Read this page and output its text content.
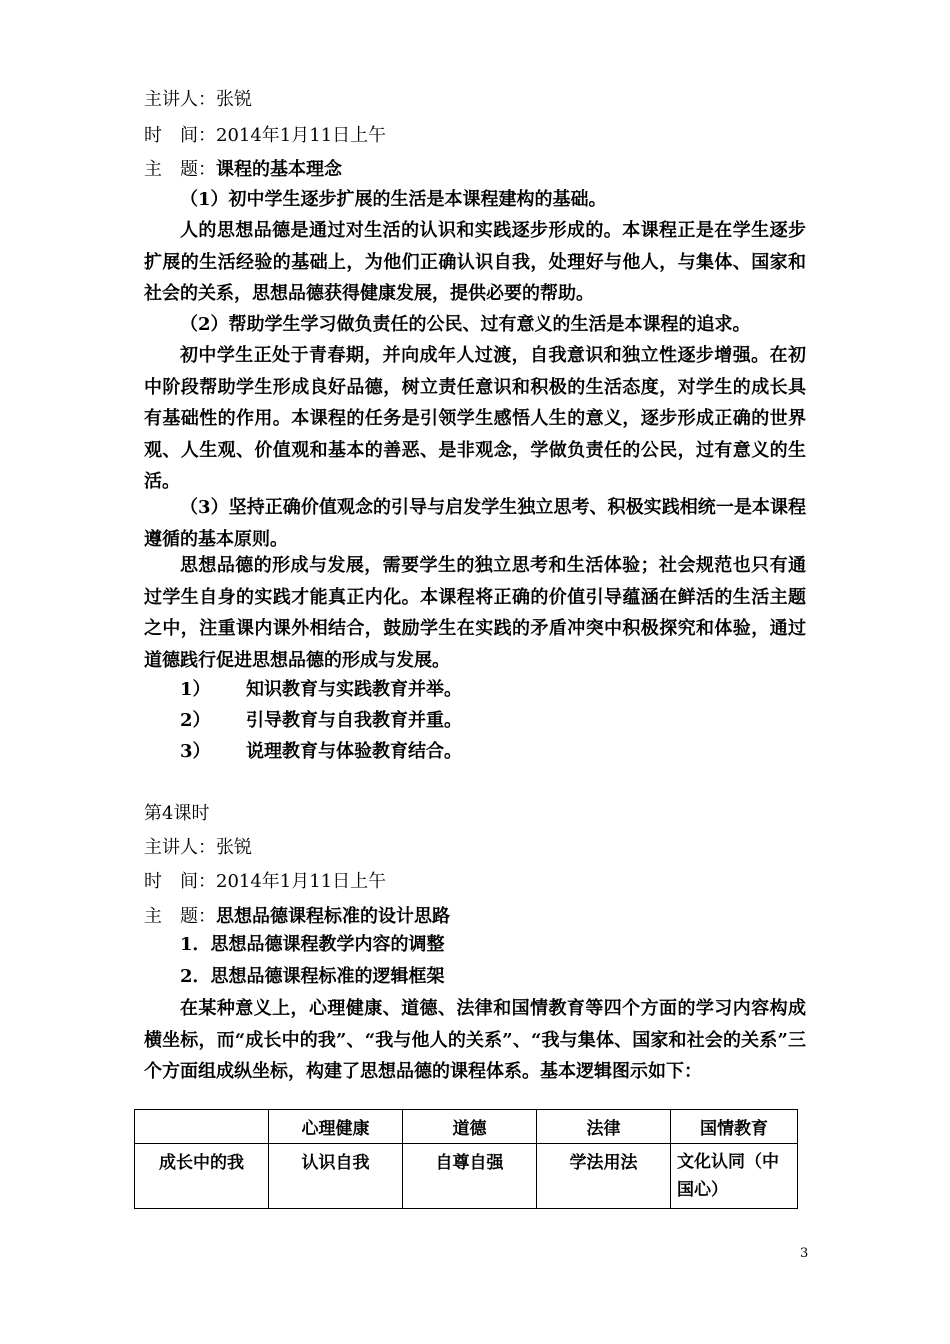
主讲人：张锐
时　间：2014年1月11日上午
主　题：课程的基本理念
（1）初中学生逐步扩展的生活是本课程建构的基础。
人的思想品德是通过对生活的认识和实践逐步形成的。本课程正是在学生逐步扩展的生活经验的基础上，为他们正确认识自我，处理好与他人，与集体、国家和社会的关系，思想品德获得健康发展，提供必要的帮助。
（2）帮助学生学习做负责任的公民、过有意义的生活是本课程的追求。
初中学生正处于青春期，并向成年人过渡，自我意识和独立性逐步增强。在初中阶段帮助学生形成良好品德，树立责任意识和积极的生活态度，对学生的成长具有基础性的作用。本课程的任务是引领学生感悟人生的意义，逐步形成正确的世界观、人生观、价值观和基本的善恶、是非观念，学做负责任的公民，过有意义的生活。
（3）坚持正确价值观念的引导与启发学生独立思考、积极实践相统一是本课程遵循的基本原则。
思想品德的形成与发展，需要学生的独立思考和生活体验；社会规范也只有通过学生自身的实践才能真正内化。本课程将正确的价值引导蕴涵在鲜活的生活主题之中，注重课内课外相结合，鼓励学生在实践的矛盾冲突中积极探究和体验，通过道德践行促进思想品德的形成与发展。
1） 知识教育与实践教育并举。
2） 引导教育与自我教育并重。
3） 说理教育与体验教育结合。
第4课时
主讲人：张锐
时　间：2014年1月11日上午
主　题：思想品德课程标准的设计思路
1．思想品德课程教学内容的调整
2．思想品德课程标准的逻辑框架
在某种意义上，心理健康、道德、法律和国情教育等四个方面的学习内容构成横坐标，而“成长中的我”、“我与他人的关系”、“我与集体、国家和社会的关系”三个方面组成纵坐标，构建了思想品德的课程体系。基本逻辑图示如下：
	心理健康	道德	法律	国情教育
成长中的我	认识自我	自尊自强	学法用法	文化认同（中国心）
3
